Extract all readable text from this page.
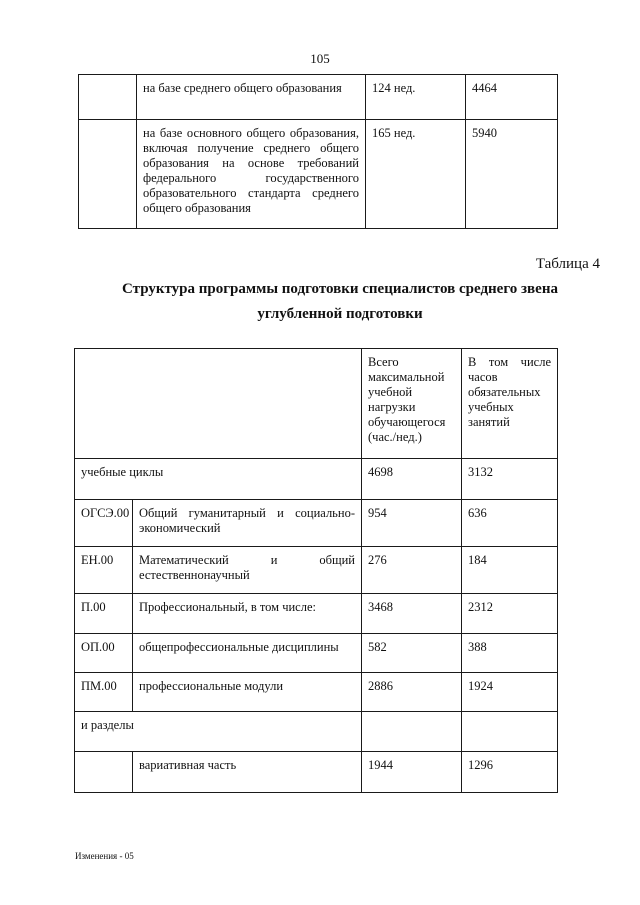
105
	на базе среднего общего образования	124 нед.	4464
	на базе основного общего образования, включая получение среднего общего образования на основе требований федерального государственного образовательного стандарта среднего общего образования	165 нед.	5940
Таблица 4
Структура программы подготовки специалистов среднего звена
углубленной подготовки
		Всего максимальной учебной нагрузки обучающегося (час./нед.)	В том числе часов обязательных учебных занятий
учебные циклы		4698	3132
ОГСЭ.00	Общий гуманитарный и социально-экономический	954	636
ЕН.00	Математический и общий естественнонаучный	276	184
П.00	Профессиональный, в том числе:	3468	2312
ОП.00	общепрофессиональные дисциплины	582	388
ПМ.00	профессиональные модули	2886	1924
и разделы			
	вариативная часть	1944	1296
Изменения - 05
